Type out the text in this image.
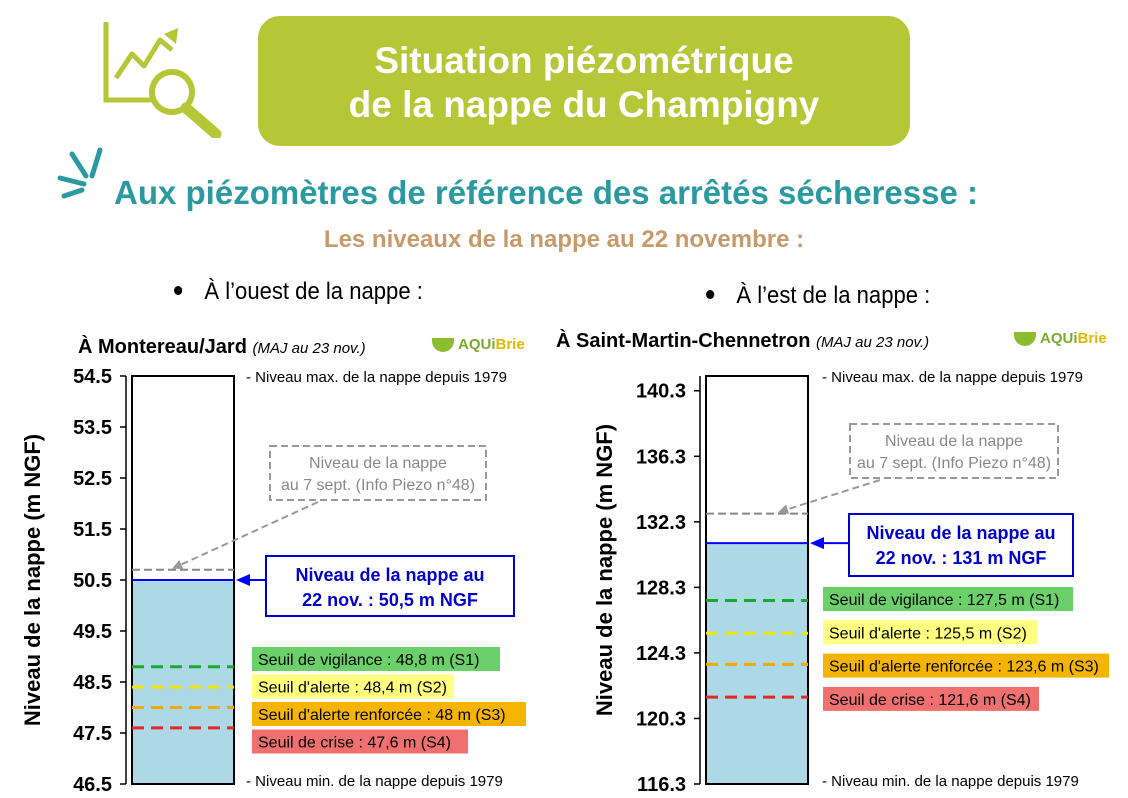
Situation piézométrique
de la nappe du Champigny
Aux piézomètres de référence des arrêtés sécheresse :
Les niveaux de la nappe au 22 novembre :
À l’ouest de la nappe :	À l’est de la nappe :
À Montereau/Jard (MAJ au 23 nov.)	AQUiBrie À Saint-Martin-Chennetron (MAJ au 23 nov.)	AQUiBrie
54.5
53.5
52.5
51.5
50.5
49.5
48.5
47.5
46.5
Niveau de la nappe (m NGF)	Seuil de vigilance : 48,8 m (S1)
Seuil d'alerte : 48,4 m (S2)
Seuil d'alerte renforcée : 48 m (S3)
Seuil de crise : 47,6 m (S4)
- Niveau max. de la nappe depuis 1979
- Niveau min. de la nappe depuis 1979
Niveau de la nappe
au 7 sept. (Info Piezo n°48)
Niveau de la nappe au
22 nov. : 50,5 m NGF
140.3
136.3
132.3
128.3
124.3
120.3
116.3
Niveau de la nappe (m NGF)	Seuil de vigilance : 127,5 m (S1)
Seuil d'alerte : 125,5 m (S2)
Seuil d'alerte renforcée : 123,6 m (S3)
Seuil de crise : 121,6 m (S4)
- Niveau max. de la nappe depuis 1979
- Niveau min. de la nappe depuis 1979
Niveau de la nappe
au 7 sept. (Info Piezo n°48)
Niveau de la nappe au
22 nov. : 131 m NGF
